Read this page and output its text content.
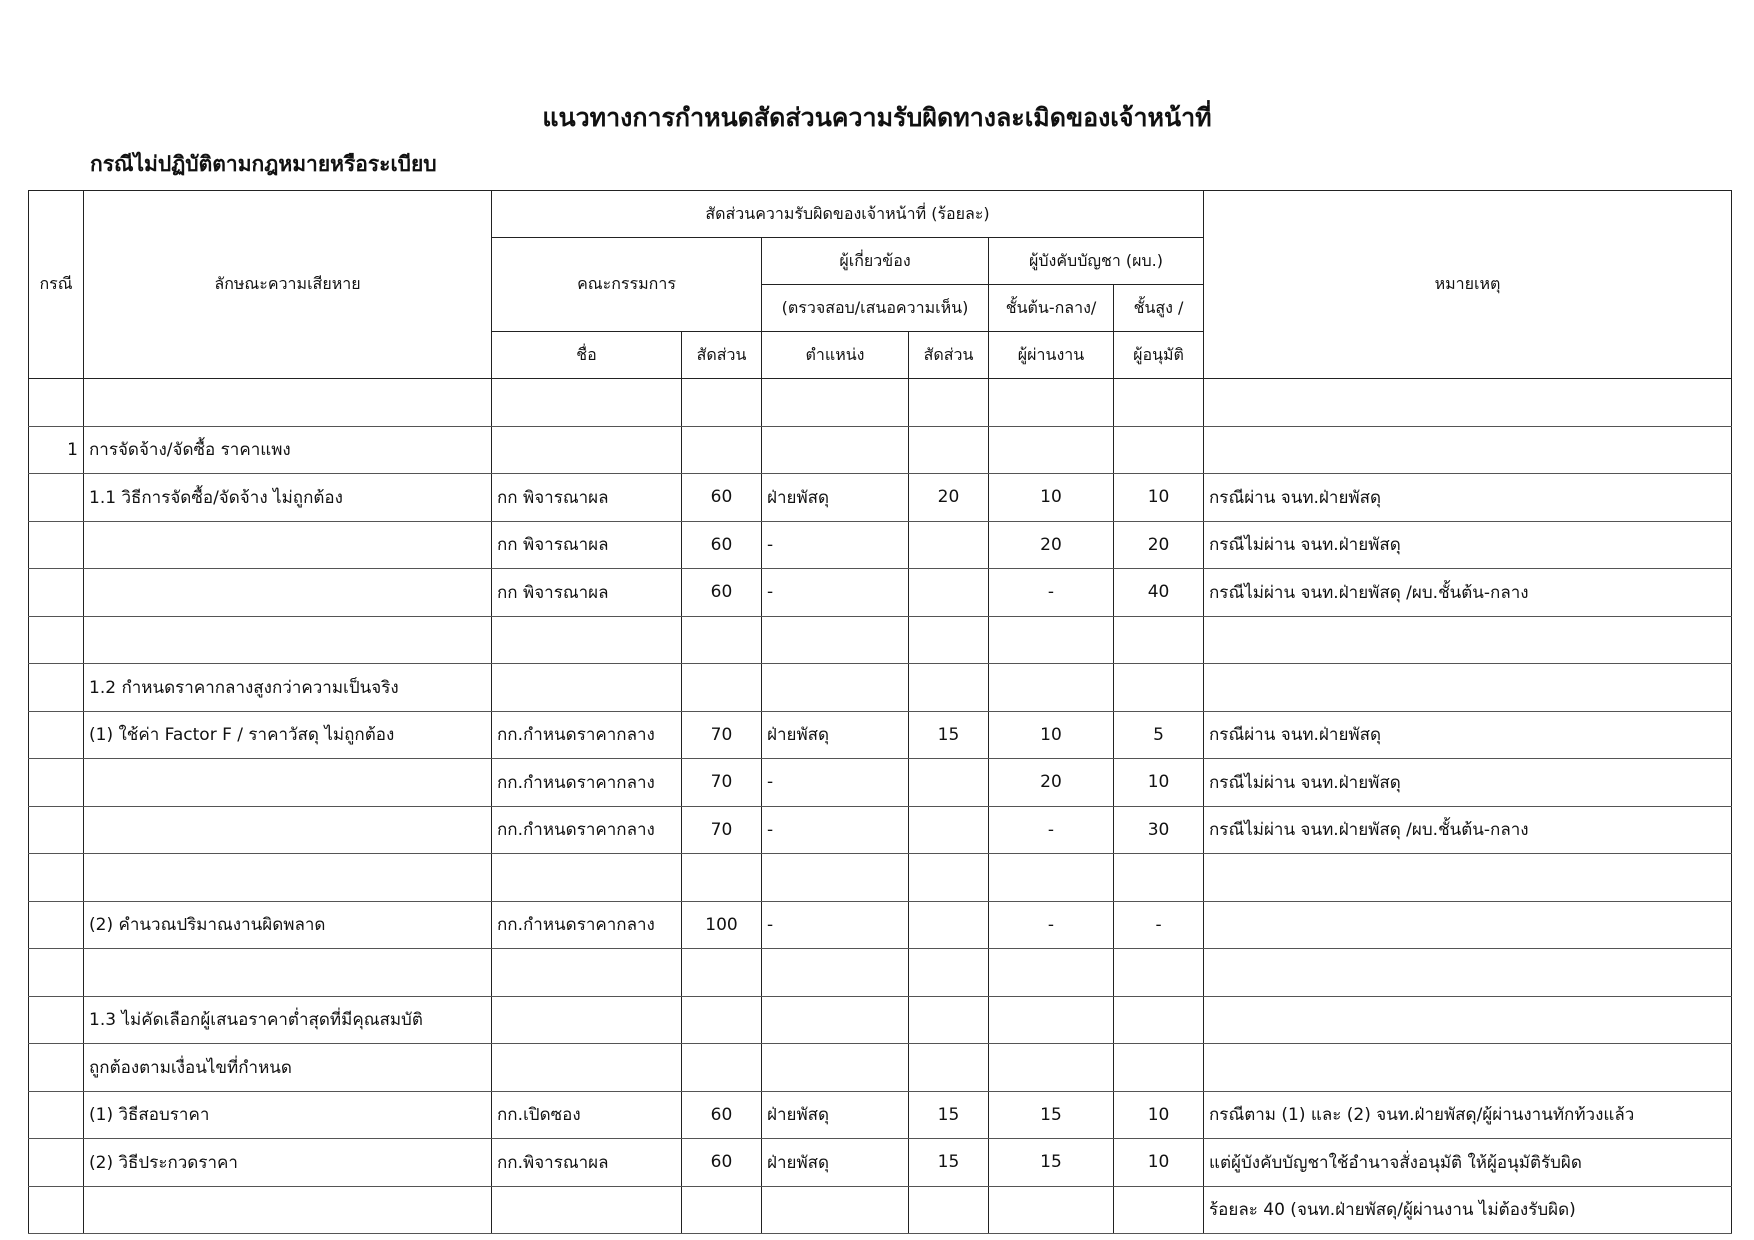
แนวทางการกำหนดสัดส่วนความรับผิดทางละเมิดของเจ้าหน้าที่
กรณีไม่ปฏิบัติตามกฎหมายหรือระเบียบ
กรณี	ลักษณะความเสียหาย	สัดส่วนความรับผิดของเจ้าหน้าที่ (ร้อยละ)						หมายเหตุ
		คณะกรรมการ		ผู้เกี่ยวข้อง		ผู้บังคับบัญชา (ผบ.)		
				(ตรวจสอบ/เสนอความเห็น)		ชั้นต้น-กลาง/	ชั้นสูง /	
		ชื่อ	สัดส่วน	ตำแหน่ง	สัดส่วน	ผู้ผ่านงาน	ผู้อนุมัติ	

1	การจัดจ้าง/จัดซื้อ ราคาแพง							
	1.1 วิธีการจัดซื้อ/จัดจ้าง ไม่ถูกต้อง	กก พิจารณาผล	60	ฝ่ายพัสดุ	20	10	10	กรณีผ่าน จนท.ฝ่ายพัสดุ
		กก พิจารณาผล	60	-		20	20	กรณีไม่ผ่าน จนท.ฝ่ายพัสดุ
		กก พิจารณาผล	60	-		-	40	กรณีไม่ผ่าน จนท.ฝ่ายพัสดุ /ผบ.ชั้นต้น-กลาง

	1.2 กำหนดราคากลางสูงกว่าความเป็นจริง							
	(1) ใช้ค่า Factor F / ราคาวัสดุ ไม่ถูกต้อง	กก.กำหนดราคากลาง	70	ฝ่ายพัสดุ	15	10	5	กรณีผ่าน จนท.ฝ่ายพัสดุ
		กก.กำหนดราคากลาง	70	-		20	10	กรณีไม่ผ่าน จนท.ฝ่ายพัสดุ
		กก.กำหนดราคากลาง	70	-		-	30	กรณีไม่ผ่าน จนท.ฝ่ายพัสดุ /ผบ.ชั้นต้น-กลาง

	(2) คำนวณปริมาณงานผิดพลาด	กก.กำหนดราคากลาง	100	-		-	-	

	1.3 ไม่คัดเลือกผู้เสนอราคาต่ำสุดที่มีคุณสมบัติ							
	ถูกต้องตามเงื่อนไขที่กำหนด							
	(1) วิธีสอบราคา	กก.เปิดซอง	60	ฝ่ายพัสดุ	15	15	10	กรณีตาม (1) และ (2) จนท.ฝ่ายพัสดุ/ผู้ผ่านงานทักท้วงแล้ว
	(2) วิธีประกวดราคา	กก.พิจารณาผล	60	ฝ่ายพัสดุ	15	15	10	แต่ผู้บังคับบัญชาใช้อำนาจสั่งอนุมัติ ให้ผู้อนุมัติรับผิด
								ร้อยละ 40 (จนท.ฝ่ายพัสดุ/ผู้ผ่านงาน ไม่ต้องรับผิด)
